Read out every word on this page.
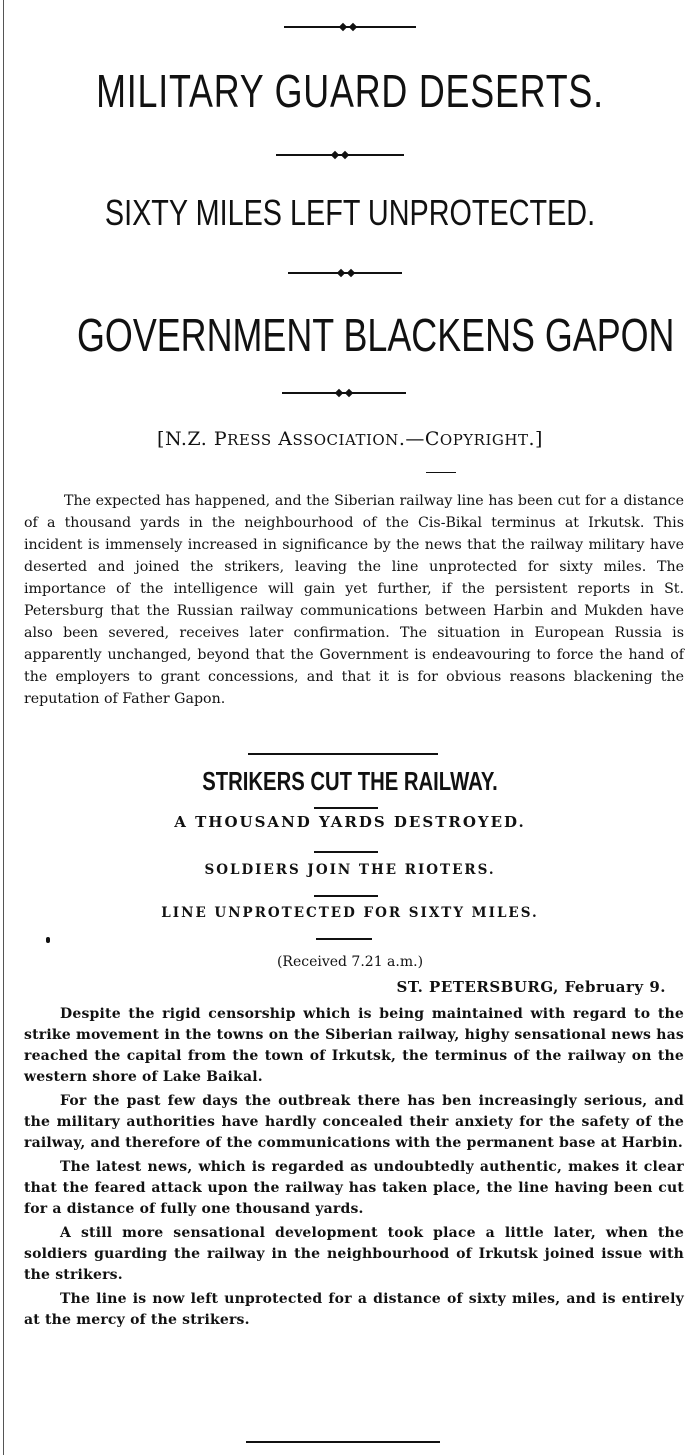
MILITARY GUARD DESERTS.
SIXTY MILES LEFT UNPROTECTED.
GOVERNMENT BLACKENS GAPON
[N.Z. PRESS ASSOCIATION.—COPYRIGHT.]

The expected has happened, and the Siberian railway line has been cut for a distance of a thousand yards in the neighbourhood of the Cis-Bikal terminus at Irkutsk. This incident is immensely increased in significance by the news that the railway military have deserted and joined the strikers, leaving the line unprotected for sixty miles. The importance of the intelligence will gain yet further, if the persistent reports in St. Petersburg that the Russian railway communications between Harbin and Mukden have also been severed, receives later confirmation. The situation in European Russia is apparently unchanged, beyond that the Government is endeavouring to force the hand of the employers to grant concessions, and that it is for obvious reasons blackening the reputation of Father Gapon.

STRIKERS CUT THE RAILWAY.
A THOUSAND YARDS DESTROYED.
SOLDIERS JOIN THE RIOTERS.
LINE UNPROTECTED FOR SIXTY MILES.
(Received 7.21 a.m.)
ST. PETERSBURG, February 9.

Despite the rigid censorship which is being maintained with regard to the strike movement in the towns on the Siberian railway, highy sensational news has reached the capital from the town of Irkutsk, the terminus of the railway on the western shore of Lake Baikal.

For the past few days the outbreak there has ben increasingly serious, and the military authorities have hardly concealed their anxiety for the safety of the railway, and therefore of the communications with the permanent base at Harbin.

The latest news, which is regarded as undoubtedly authentic, makes it clear that the feared attack upon the railway has taken place, the line having been cut for a distance of fully one thousand yards.

A still more sensational development took place a little later, when the soldiers guarding the railway in the neighbourhood of Irkutsk joined issue with the strikers.

The line is now left unprotected for a distance of sixty miles, and is entirely at the mercy of the strikers.
